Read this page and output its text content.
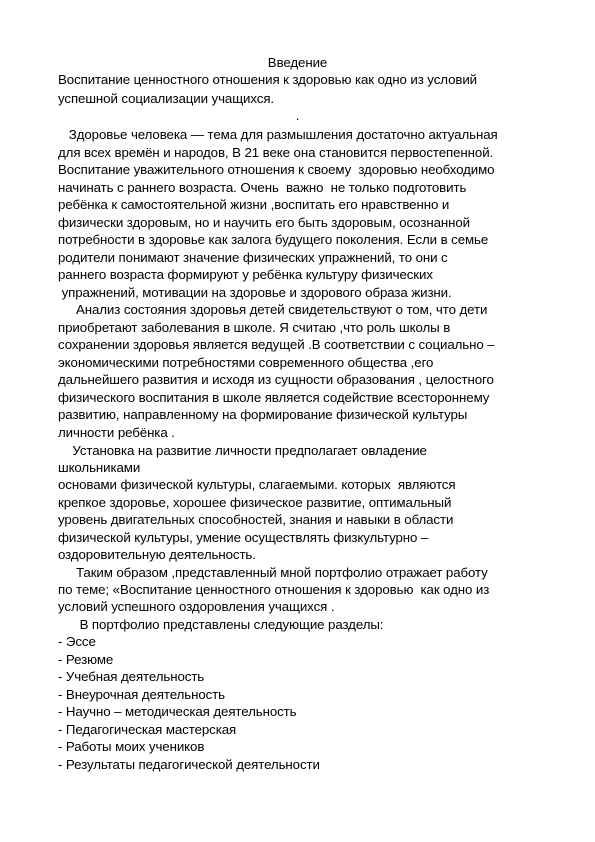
Введение

Воспитание ценностного отношения к здоровью как одно из условий

успешной социализации учащихся.

.

Здоровье человека — тема для размышления достаточно актуальная

для всех времён и народов, В 21 веке она становится первостепенной.

Воспитание уважительного отношения к своему  здоровью необходимо

начинать с раннего возраста. Очень  важно  не только подготовить

ребёнка к самостоятельной жизни ,воспитать его нравственно и

физически здоровым, но и научить его быть здоровым, осознанной

потребности в здоровье как залога будущего поколения. Если в семье

родители понимают значение физических упражнений, то они с

раннего возраста формируют у ребёнка культуру физических

упражнений, мотивации на здоровье и здорового образа жизни.

Анализ состояния здоровья детей свидетельствуют о том, что дети

приобретают заболевания в школе. Я считаю ,что роль школы в

сохранении здоровья является ведущей .В соответствии с социально –

экономическими потребностями современного общества ,его

дальнейшего развития и исходя из сущности образования , целостного

физического воспитания в школе является содействие всестороннему

развитию, направленному на формирование физической культуры

личности ребёнка .

Установка на развитие личности предполагает овладение

школьниками

основами физической культуры, слагаемыми. которых  являются

крепкое здоровье, хорошее физическое развитие, оптимальный

уровень двигательных способностей, знания и навыки в области

физической культуры, умение осуществлять физкультурно –

оздоровительную деятельность.

Таким образом ,представленный мной портфолио отражает работу

по теме; «Воспитание ценностного отношения к здоровью  как одно из

условий успешного оздоровления учащихся .

В портфолио представлены следующие разделы:

- Эссе

- Резюме

- Учебная деятельность

- Внеурочная деятельность

- Научно – методическая деятельность

- Педагогическая мастерская

- Работы моих учеников

- Результаты педагогической деятельности
